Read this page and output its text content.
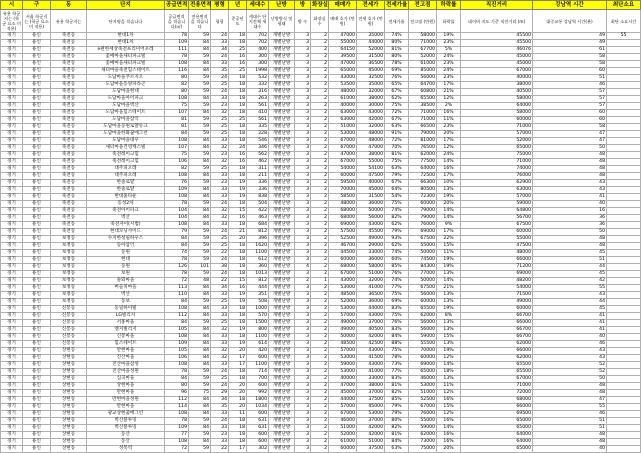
시	구	동	단지	공급면적	전용면적	평형	년	세대수	난방	방	화장실	매매가	전세가	전세가율	전고점	하락률	직진거리	강남역 시간	최단소요
유용 학군지는 (학군 요소 미 적용)	서울 학군지는 (학군 요소 미 적용)	유용 학군지는	단지명을 적습니다	공급면적 을 적습니다(㎡)	전용면적 을 적습니다	평형	준공년도	세대수 단지전체 세대수	난방방식 및 형태	방 수	화장실 수	매매 호가 (만원)	전세 호가 (만원)	전세가율	전고점 (만원)	하락률	네이버 지도 기준 직진거리 (m)	대중교통 강남역 시간(분)	최단 소요시간
경기	용인	죽전동	현대1차	78	59	24	18	702	개별난방	3	2	47000	35000	74%	58000	19%	45500	49	55
경기	용인	죽전동	현대1차	109	84	33	18	702	개별난방	3	2	55000	44000	80%	71000	23%	45500	49	
경기	용인	죽전동	e편한세상죽전프리미어포레	111	84	34	25	400	개별난방	3	2	64150	52000	81%	67700	5%	46076	61	
경기	용인	죽전동	꽃메마을새터파크빌	78	59	24	16	300	개별난방	3	2	39500	31500	80%	52000	24%	45000	58	
경기	용인	죽전동	꽃메마을새터파크빌	108	84	33	16	300	개별난방	3	2	47000	36500	78%	61000	23%	45000	58	
경기	용인	죽전동	새터마을죽전힐스테이트	116	84	35	25	1998	개별난방	3	2	65000	45000	69%	85000	24%	67000	60	
경기	용인	죽전동	도담마을푸르지오	80	59	24	18	532	개별난방	3	2	43000	32500	76%	56000	23%	40000	51	
경기	용인	죽전동	도담마을동양파라곤	82	59	25	18	332	개별난방	3	2	53500	35000	65%	64700	17%	38000	46	
경기	용인	죽전동	도담마을현대	80	59	24	18	316	개별난방	3	2	48000	32000	67%	60800	21%	40500	57	
경기	용인	죽전동	도담마을아이파크	108	84	33	18	263	개별난방	3	2	61000	38000	62%	65500	12%	58000	57	
경기	용인	죽전동	도담마을벽산	75	59	23	18	561	개별난방	3	2	40000	30000	75%	38500	2%	64000	57	
경기	용인	죽전동	도담마을힐스테이트	107	84	32	18	410	개별난방	3	2	63000	43000	72%	71000	16%	58000	60	
경기	용인	죽전동	도담마을삼익	81	59	25	25	561	개별난방	3	2	63000	42000	67%	71000	11%	60000	60	
경기	용인	죽전동	도담마을동원로얄듀크	81	59	25	18	335	개별난방	3	2	51000	32000	63%	66500	23%	71000	58	
경기	용인	죽전동	도담마을한화꿈에그린	84	59	25	18	228	개별난방	3	2	53000	48000	91%	79000	20%	57000	47	
경기	용인	죽전동	도담마을대우	108	84	33	18	546	개별난방	3	2	67000	48000	72%	81000	17%	52000	47	
경기	용인	죽전동	새터마을건영캐스빌	107	84	32	24	346	개별난방	3	2	67000	47000	70%	76500	12%	65000	50	
경기	용인	죽전동	죽전레이크힐	75	59	23	16	562	개별난방	3	2	47000	38000	81%	62000	24%	75000	48	
경기	용인	죽전동	죽전레이크힐	106	84	32	16	462	개별난방	3	2	67000	55000	75%	77500	14%	71000	48	
경기	용인	죽전동	대주피오레	82	59	25	18	311	개별난방	3	2	54000	54100	63%	64000	16%	74000	48	
경기	용인	죽전동	대주피오레	108	84	33	18	211	개별난방	3	2	60000	47500	79%	72500	17%	76000	48	
경기	용인	죽전동	한솔로얄	76	59	23	19	336	개별난방	3	2	59500	40000	67%	66300	10%	62900	43	
경기	용인	죽전동	한솔로얄	109	84	33	19	336	개별난방	3	2	70000	45000	64%	80500	13%	63000	43	
경기	용인	죽전동	현대홈타운	108	84	33	19	838	개별난방	3	2	58500	31500	54%	72300	19%	57000	41	
경기	용인	죽전동	동성2차	78	59	24	18	504	개별난방	3	2	48000	36000	75%	60000	20%	59000	40	
경기	용인	죽전동	죽전아이파크	104	84	32	15	422	개별난방	3	2	68000	50000	74%	79000	14%	64800	16	
경기	용인	죽전동	벽산	104	84	32	16	463	개별난방	3	2	68000	56000	82%	79000	14%	56700	36	
경기	용인	죽전동	죽전자이(시범)	108	84	33	18	684	개별난방	3	2	69000	43000	62%	76000	9%	67500	36	
경기	용인	죽전동	현대모닝사이드	79	59	24	21	812	개별난방	3	2	57500	45500	79%	69000	17%	60000	50	
경기	용인	보정동	수지한성필하우스	84	59	25	20	396	개별난방	3	2	52500	49000	93%	67500	22%	55000	48	
경기	용인	보정동	동아삼익	84	59	25	18	1620	개별난방	3	2	46700	29000	62%	55000	15%	47500	48	
경기	용인	보정동	동원	74	59	22	18	1100	개별난방	3	2	44500	33000	74%	50000	11%	48000	45	
경기	용인	보정동	현대	78	59	24	18	612	개별난방	3	2	60000	36000	60%	74500	19%	66000	51	
경기	용인	보정동	동원	126	101	38	18	360	개별난방	4	2	68000	58000	85%	84300	19%	71200	44	
경기	용인	보정동	보원	78	59	24	18	1013	개별난방	3	2	67000	51000	76%	77000	13%	69000	45	
경기	용인	보정동	솔뫼마을	72	48	22	15	812	개별난방	2	1	43000	32000	74%	50000	14%	48200	42	
경기	용인	보정동	버들치마을	113	84	34	16	444	개별난방	3	2	53000	41000	77%	67500	21%	54000	55	
경기	용인	보정동	벽산	110	84	33	19	351	개별난방	3	2	48500	36500	75%	56000	13%	71500	43	
경기	용인	보정동	동보	84	59	25	19	508	개별난방	3	2	52000	36000	69%	60000	13%	49000	44	
경기	용인	신봉동	동일하이빌	108	84	33	18	1000	개별난방	3	2	53000	44000	83%	65500	19%	60000	45	
경기	용인	신봉동	LG빌리지	112	84	33	18	570	개별난방	3	2	57000	43000	75%	62000	8%	66700	41	
경기	용인	신봉동	서홍마을	84	59	25	18	1500	개별난방	3	2	49000	37000	76%	56000	13%	66000	41	
경기	용인	신봉동	엘지빌리지	105	84	32	19	800	개별난방	3	2	49000	40500	83%	56000	13%	66700	41	
경기	용인	신봉동	신봉마을	108	84	33	18	1100	개별난방	3	2	50000	42000	84%	59000	15%	66700	40	
경기	용인	신봉동	힐스테이트	109	84	33	19	614	개별난방	3	2	48500	42500	88%	55500	13%	62000	46	
경기	용인	상현동	만현마을	105	84	32	20	420	개별난방	3	2	57000	43000	75%	70000	19%	66000	43	
경기	용인	상현동	진산마을	106	84	32	17	600	개별난방	3	2	53000	41500	78%	60000	12%	62000	43	
경기	용인	상현동	진산마을삼성	108	84	33	17	1100	개별난방	3	2	59000	43000	73%	69000	14%	65500	52	
경기	용인	상현동	진산마을성원	78	59	24	18	714	개별난방	3	2	53000	41000	77%	65000	18%	65500	52	
경기	용인	상현동	심곡마을	84	59	25	18	700	개별난방	3	2	40000	33000	83%	46000	13%	67000	50	
경기	용인	상현동	상현마을	80	59	24	20	600	개별난방	3	2	47000	38000	81%	53000	11%	71000	48	
경기	용인	상현동	만현마을	96	75	29	20	992	개별난방	3	2	45000	37000	82%	51000	12%	72000	48	
경기	용인	상현동	만현마을성원	112	84	34	18	1800	개별난방	3	2	44000	37500	85%	52500	16%	68000	47	
경기	용인	상현동	만현마을	114	84	35	20	1034	개별난방	3	2	57000	45000	79%	67000	15%	66000	55	
경기	용인	상현동	광교상현꿈에그린	108	84	33	11	600	개별난방	3	2	67000	53000	79%	76000	12%	69500	46	
경기	용인	상현동	벽산블루밍	78	59	24	18	631	개별난방	3	2	46000	37000	80%	55000	16%	65000	51	
경기	용인	상현동	벽산블루밍	109	84	33	18	631	개별난방	3	2	51000	42000	82%	59000	14%	65000	51	
경기	용인	상현동	동산	77	59	23	18	600	개별난방	3	2	52000	42000	81%	62000	16%	64000	48	
경기	용인	상현동	동산	108	84	33	18	600	개별난방	3	2	61000	51000	84%	73000	16%	64000	48	
경기	용인	상현동	성복역	72	59	22	17	302	개별난방	3	2	60000	37500	63%	75000	20%	65000	40	
